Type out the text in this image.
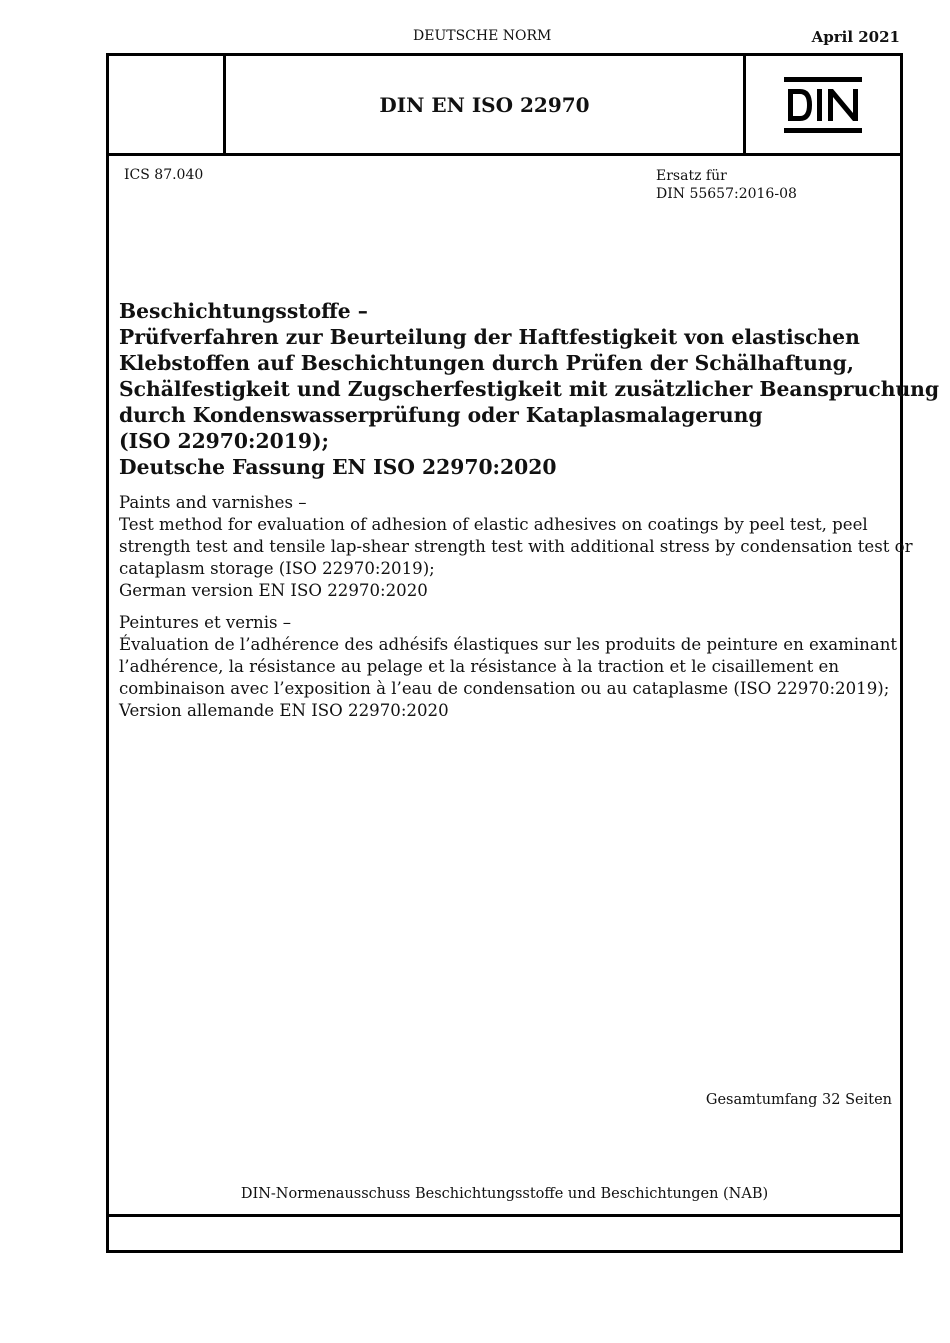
DEUTSCHE NORM	April 2021
DIN EN ISO 22970
ICS 87.040	Ersatz für
DIN 55657:2016-08
Beschichtungsstoffe –
Prüfverfahren zur Beurteilung der Haftfestigkeit von elastischen
Klebstoffen auf Beschichtungen durch Prüfen der Schälhaftung,
Schälfestigkeit und Zugscherfestigkeit mit zusätzlicher Beanspruchung
durch Kondenswasserprüfung oder Kataplasmalagerung
(ISO 22970:2019);
Deutsche Fassung EN ISO 22970:2020
Paints and varnishes –
Test method for evaluation of adhesion of elastic adhesives on coatings by peel test, peel
strength test and tensile lap-shear strength test with additional stress by condensation test or
cataplasm storage (ISO 22970:2019);
German version EN ISO 22970:2020
Peintures et vernis –
Évaluation de l’adhérence des adhésifs élastiques sur les produits de peinture en examinant
l’adhérence, la résistance au pelage et la résistance à la traction et le cisaillement en
combinaison avec l’exposition à l’eau de condensation ou au cataplasme (ISO 22970:2019);
Version allemande EN ISO 22970:2020
Gesamtumfang 32 Seiten
DIN-Normenausschuss Beschichtungsstoffe und Beschichtungen (NAB)
